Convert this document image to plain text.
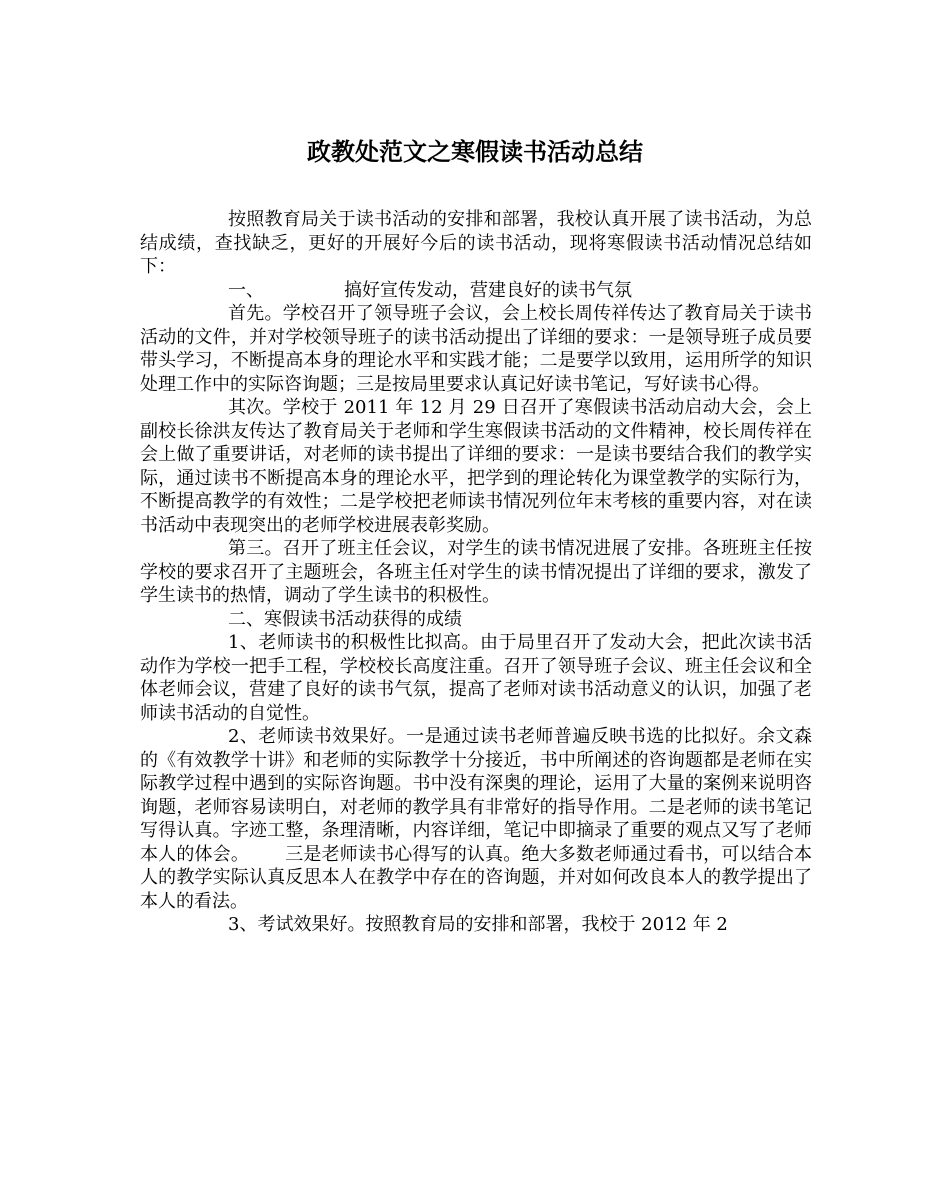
政教处范文之寒假读书活动总结

按照教育局关于读书活动的安排和部署，我校认真开展了读书活动，为总结成绩，查找缺乏，更好的开展好今后的读书活动，现将寒假读书活动情况总结如下：

一、	搞好宣传发动，营建良好的读书气氛

首先。学校召开了领导班子会议，会上校长周传祥传达了教育局关于读书活动的文件，并对学校领导班子的读书活动提出了详细的要求：一是领导班子成员要带头学习，不断提高本身的理论水平和实践才能；二是要学以致用，运用所学的知识处理工作中的实际咨询题；三是按局里要求认真记好读书笔记，写好读书心得。

其次。学校于 2011 年 12 月 29 日召开了寒假读书活动启动大会，会上副校长徐洪友传达了教育局关于老师和学生寒假读书活动的文件精神，校长周传祥在会上做了重要讲话，对老师的读书提出了详细的要求：一是读书要结合我们的教学实际，通过读书不断提高本身的理论水平，把学到的理论转化为课堂教学的实际行为，不断提高教学的有效性；二是学校把老师读书情况列位年末考核的重要内容，对在读书活动中表现突出的老师学校进展表彰奖励。

第三。召开了班主任会议，对学生的读书情况进展了安排。各班班主任按学校的要求召开了主题班会，各班主任对学生的读书情况提出了详细的要求，激发了学生读书的热情，调动了学生读书的积极性。

二、寒假读书活动获得的成绩

1、老师读书的积极性比拟高。由于局里召开了发动大会，把此次读书活动作为学校一把手工程，学校校长高度注重。召开了领导班子会议、班主任会议和全体老师会议，营建了良好的读书气氛，提高了老师对读书活动意义的认识，加强了老师读书活动的自觉性。

2、老师读书效果好。一是通过读书老师普遍反映书选的比拟好。余文森的《有效教学十讲》和老师的实际教学十分接近，书中所阐述的咨询题都是老师在实际教学过程中遇到的实际咨询题。书中没有深奥的理论，运用了大量的案例来说明咨询题，老师容易读明白，对老师的教学具有非常好的指导作用。二是老师的读书笔记写得认真。字迹工整，条理清晰，内容详细，笔记中即摘录了重要的观点又写了老师本人的体会。 三是老师读书心得写的认真。绝大多数老师通过看书，可以结合本人的教学实际认真反思本人在教学中存在的咨询题，并对如何改良本人的教学提出了本人的看法。

3、考试效果好。按照教育局的安排和部署，我校于 2012 年 2
